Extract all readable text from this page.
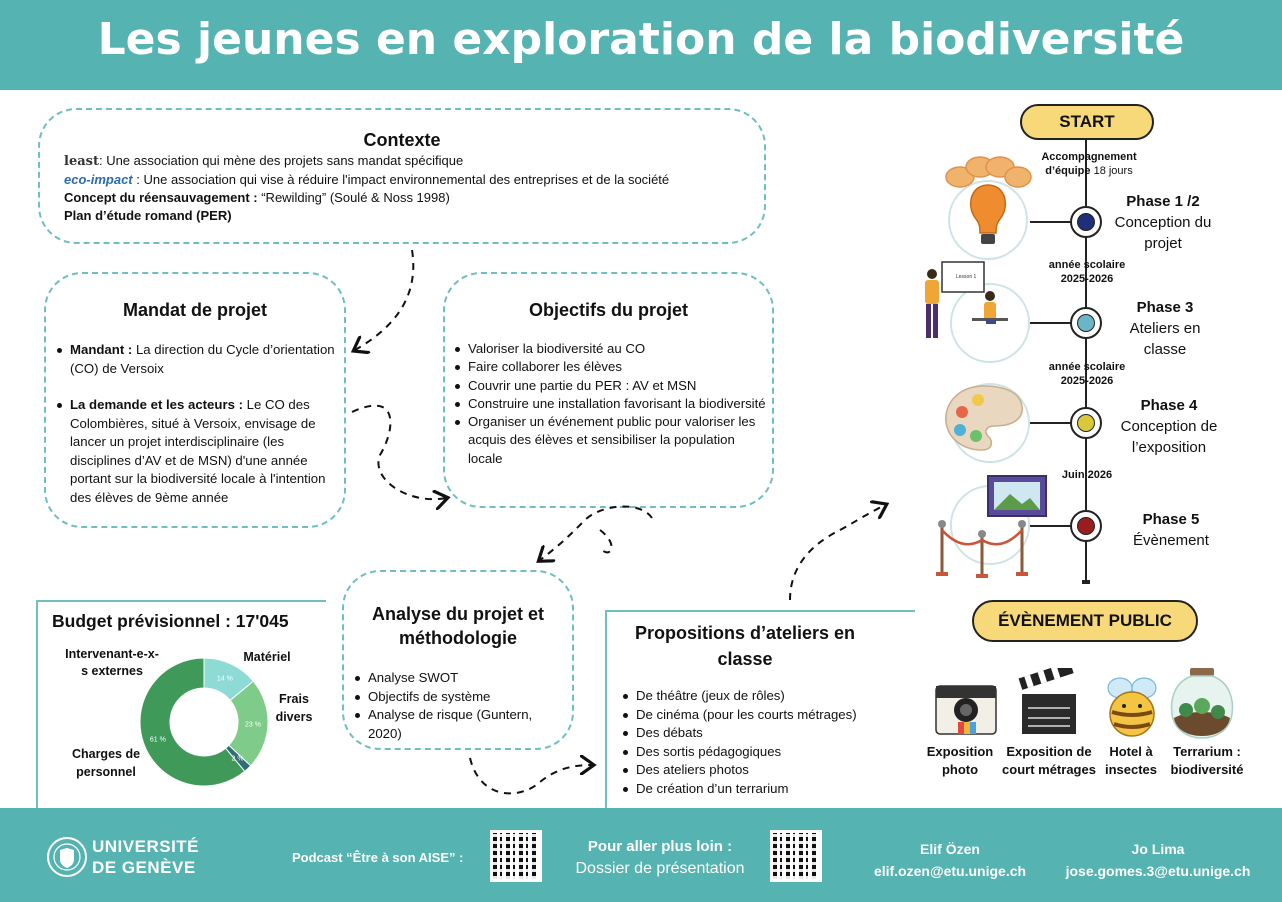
Les jeunes en exploration de la biodiversité
Contexte
least: Une association qui mène des projets sans mandat spécifique
eco-impact : Une association qui vise à réduire l'impact environnemental des entreprises et de la société
Concept du réensauvagement : “Rewilding” (Soulé & Noss 1998)
Plan d’étude romand (PER)
Mandat de projet
Mandant : La direction du Cycle d’orientation (CO) de Versoix
La demande et les acteurs : Le CO des Colombières, situé à Versoix, envisage de lancer un projet interdisciplinaire (les disciplines d’AV et de MSN) d'une année portant sur la biodiversité locale à l'intention des élèves de 9ème année
Objectifs du projet
Valoriser la biodiversité au CO
Faire collaborer les élèves
Couvrir une partie du PER : AV et MSN
Construire une installation favorisant la biodiversité
Organiser un événement public pour valoriser les acquis des élèves et sensibiliser la population locale
Budget prévisionnel : 17'045
Intervenant-e-x-s externes
Matériel
Frais divers
Charges de personnel
61 %
14 %
23 %
2 %
Analyse du projet et méthodologie
Analyse SWOT
Objectifs de système
Analyse de risque (Guntern, 2020)
Propositions d’ateliers en classe
De théâtre (jeux de rôles)
De cinéma (pour les courts métrages)
Des débats
Des sortis pédagogiques
Des ateliers photos
De création d’un terrarium
START
Accompagnement d’équipe 18 jours
Phase 1 /2
Conception du projet
année scolaire 2025-2026
Phase 3
Ateliers en classe
année scolaire 2025-2026
Phase 4
Conception de l’exposition
Juin 2026
Phase 5
Évènement
Lesson 1
ÉVÈNEMENT PUBLIC
Exposition photo
Exposition de court métrages
Hotel à insectes
Terrarium : biodiversité
UNIVERSITÉ
DE GENÈVE
Podcast “Être à son AISE” :
Pour aller plus loin :
Dossier de présentation
Elif Özen
elif.ozen@etu.unige.ch
Jo Lima
jose.gomes.3@etu.unige.ch
